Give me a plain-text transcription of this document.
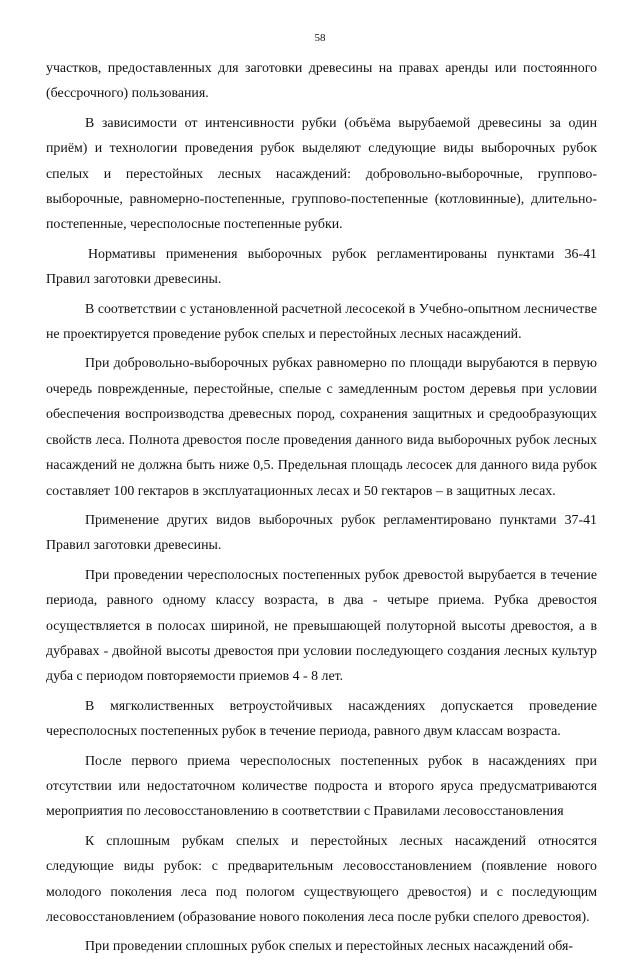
58

участков, предоставленных для заготовки древесины на правах аренды или постоянного (бессрочного) пользования.

В зависимости от интенсивности рубки (объёма вырубаемой древесины за один приём) и технологии проведения рубок выделяют следующие виды выборочных рубок спелых и перестойных лесных насаждений: добровольно-выборочные, группово-выборочные, равномерно-постепенные, группово-постепенные (котловинные), длительно-постепенные, чересполосные постепенные рубки.

Нормативы применения выборочных рубок регламентированы пунктами 36-41 Правил заготовки древесины.

В соответствии с установленной расчетной лесосекой в Учебно-опытном лесничестве не проектируется проведение рубок спелых и перестойных лесных насаждений.

При добровольно-выборочных рубках равномерно по площади вырубаются в первую очередь поврежденные, перестойные, спелые с замедленным ростом деревья при условии обеспечения воспроизводства древесных пород, сохранения защитных и средообразующих свойств леса. Полнота древостоя после проведения данного вида выборочных рубок лесных насаждений не должна быть ниже 0,5. Предельная площадь лесосек для данного вида рубок составляет 100 гектаров в эксплуатационных лесах и 50 гектаров – в защитных лесах.

Применение других видов выборочных рубок регламентировано пунктами 37-41 Правил заготовки древесины.

При проведении чересполосных постепенных рубок древостой вырубается в течение периода, равного одному классу возраста, в два - четыре приема. Рубка древостоя осуществляется в полосах шириной, не превышающей полуторной высоты древостоя, а в дубравах - двойной высоты древостоя при условии последующего создания лесных культур дуба с периодом повторяемости приемов 4 - 8 лет.

В мягколиственных ветроустойчивых насаждениях допускается проведение чересполосных постепенных рубок в течение периода, равного двум классам возраста.

После первого приема чересполосных постепенных рубок в насаждениях при отсутствии или недостаточном количестве подроста и второго яруса предусматриваются мероприятия по лесовосстановлению в соответствии с Правилами лесовосстановления

К сплошным рубкам спелых и перестойных лесных насаждений относятся следующие виды рубок: с предварительным лесовосстановлением (появление нового молодого поколения леса под пологом существующего древостоя) и с последующим лесовосстановлением (образование нового поколения леса после рубки спелого древостоя).

При проведении сплошных рубок спелых и перестойных лесных насаждений обя-
